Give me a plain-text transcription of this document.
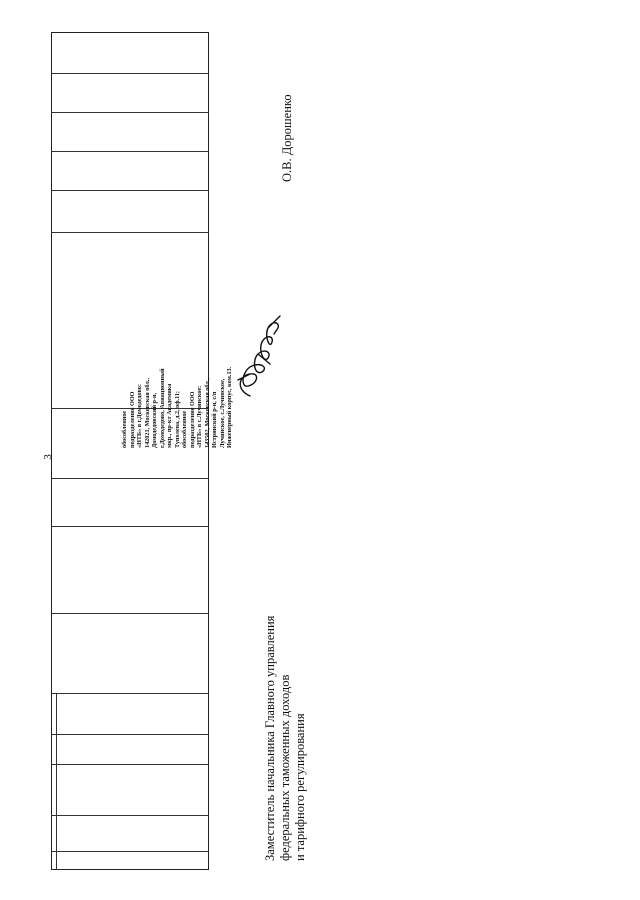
3
обособленное подразделение ООО «НТБ» в г.Домодедово: 142021, Московская обл., Домодедовский р-н, г.Домодедово, Авиационный мкр., пр-кт Академика Туполева, д.2, оф.11; обособленное подразделение ООО «НТБ» в с.Лучинское: 143502, Московская обл., Истринский р-н, с/п Лучинское, с.Лучинское, Инженерный корпус, ком.13.
Заместитель начальника Главного управления федеральных таможенных доходов и тарифного регулирования
О.В. Дорошенко
